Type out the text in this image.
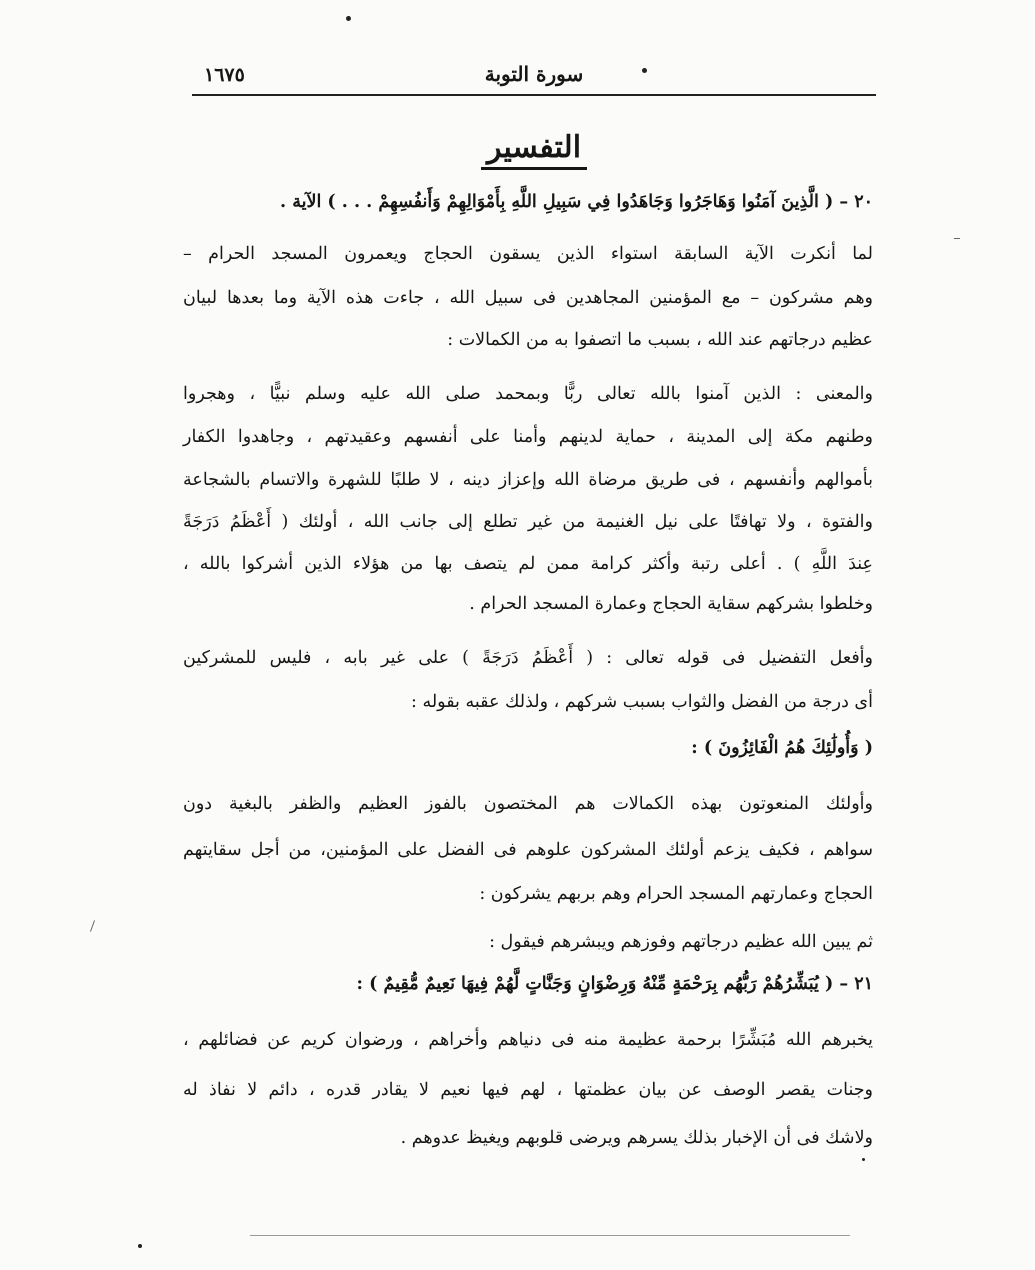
١٦٧٥	سورة التوبة
التفسير
٢٠ – ( الَّذِينَ آمَنُوا وَهَاجَرُوا وَجَاهَدُوا فِي سَبِيلِ اللَّهِ بِأَمْوَالِهِمْ وَأَنفُسِهِمْ . . . ) الآية .
لما أنكرت الآية السابقة استواء الذين يسقون الحجاج ويعمرون المسجد الحرام –
وهم مشركون – مع المؤمنين المجاهدين فى سبيل الله ، جاءت هذه الآية وما بعدها لبيان
عظيم درجاتهم عند الله ، بسبب ما اتصفوا به من الكمالات :
والمعنى : الذين آمنوا بالله تعالى ربًّا وبمحمد صلى الله عليه وسلم نبيًّا ، وهجروا
وطنهم مكة إلى المدينة ، حماية لدينهم وأمنا على أنفسهم وعقيدتهم ، وجاهدوا الكفار
بأموالهم وأنفسهم ، فى طريق مرضاة الله وإعزاز دينه ، لا طلبًا للشهرة والاتسام بالشجاعة
والفتوة ، ولا تهافتًا على نيل الغنيمة من غير تطلع إلى جانب الله ، أولئك ( أَعْظَمُ دَرَجَةً
عِندَ اللَّهِ ) . أعلى رتبة وأكثر كرامة ممن لم يتصف بها من هؤلاء الذين أشركوا بالله ،
وخلطوا بشركهم سقاية الحجاج وعمارة المسجد الحرام .
وأفعل التفضيل فى قوله تعالى : ( أَعْظَمُ دَرَجَةً ) على غير بابه ، فليس للمشركين
أى درجة من الفضل والثواب بسبب شركهم ، ولذلك عقبه بقوله :
( وَأُولَٰئِكَ هُمُ الْفَائِزُونَ ) :
وأولئك المنعوتون بهذه الكمالات هم المختصون بالفوز العظيم والظفر بالبغية دون
سواهم ، فكيف يزعم أولئك المشركون علوهم فى الفضل على المؤمنين، من أجل سقايتهم
الحجاج وعمارتهم المسجد الحرام وهم بربهم يشركون :
ثم يبين الله عظيم درجاتهم وفوزهم ويبشرهم فيقول :
٢١ – ( يُبَشِّرُهُمْ رَبُّهُم بِرَحْمَةٍ مِّنْهُ وَرِضْوَانٍ وَجَنَّاتٍ لَّهُمْ فِيهَا نَعِيمٌ مُّقِيمٌ ) :
يخبرهم الله مُبَشِّرًا برحمة عظيمة منه فى دنياهم وأخراهم ، ورضوان كريم عن فضائلهم ،
وجنات يقصر الوصف عن بيان عظمتها ، لهم فيها نعيم لا يقادر قدره ، دائم لا نفاذ له
ولاشك فى أن الإخبار بذلك يسرهم ويرضى قلوبهم ويغيظ عدوهم .
